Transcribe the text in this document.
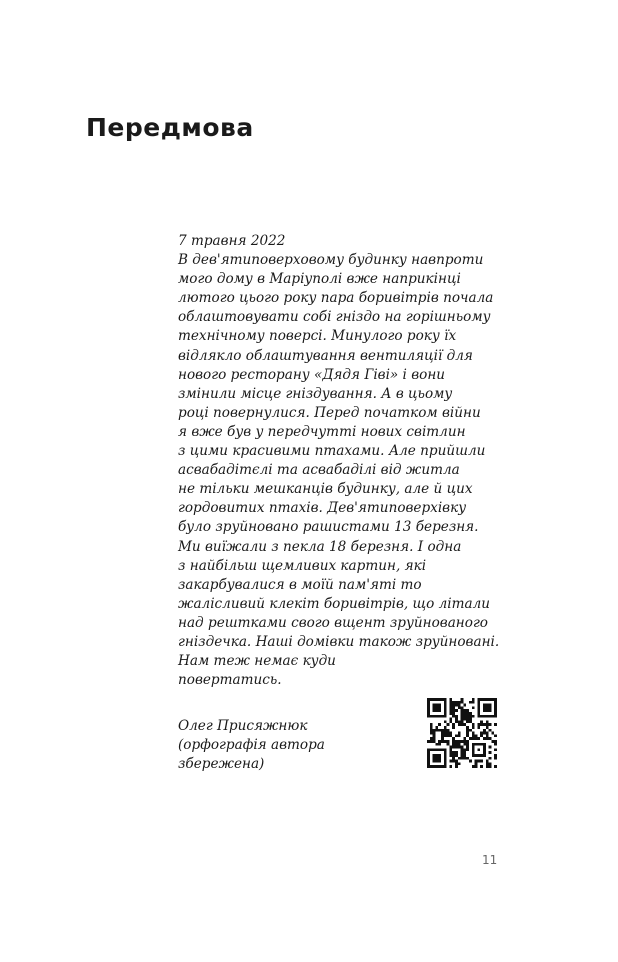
Передмова
7 травня 2022
В дев'ятиповерховому будинку навпроти
мого дому в Маріуполі вже наприкінці
лютого цього року пара боривітрів почала
облаштовувати собі гніздо на горішньому
технічному поверсі. Минулого року їх
відлякло облаштування вентиляції для
нового ресторану «Дядя Гіві» і вони
змінили місце гніздування. А в цьому
році повернулися. Перед початком війни
я вже був у передчутті нових світлин
з цими красивими птахами. Але прийшли
асвабадітєлі та асвабаділі від житла
не тільки мешканців будинку, але й цих
гордовитих птахів. Дев'ятиповерхівку
було зруйновано рашистами 13 березня.
Ми виїжали з пекла 18 березня. І одна
з найбільш щемливих картин, які
закарбувалися в моїй пам'яті то
жаліcливий клекіт боривітрів, що літали
над рештками свого вщент зруйнованого
гніздечка. Наші домівки також зруйновані.
Нам теж немає куди
повертатись.
Олег Присяжнюк
(орфографія автора
збережена)
11
